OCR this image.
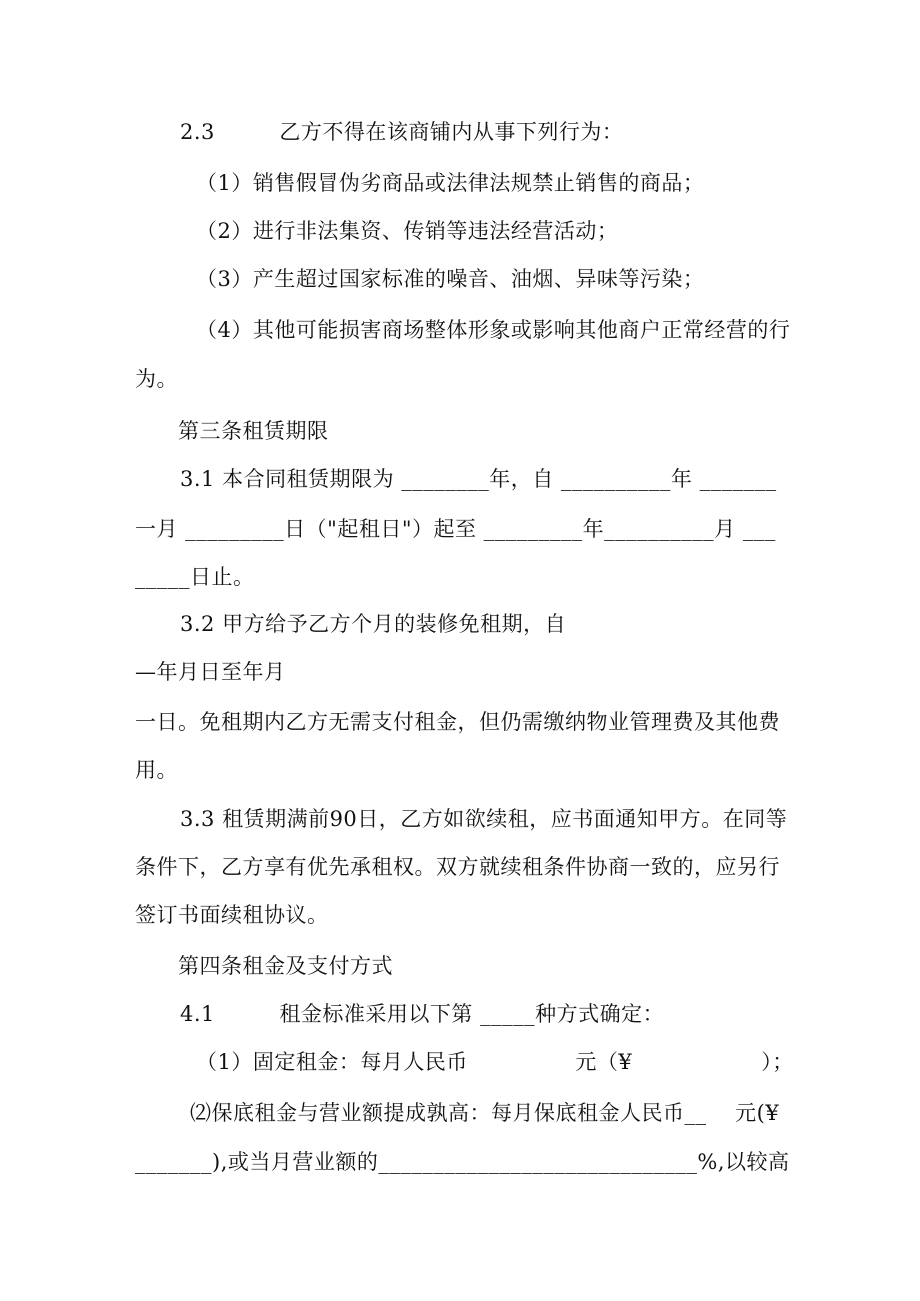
2.3　　　乙方不得在该商铺内从事下列行为：
（1）销售假冒伪劣商品或法律法规禁止销售的商品；
（2）进行非法集资、传销等违法经营活动；
（3）产生超过国家标准的噪音、油烟、异味等污染；
（4）其他可能损害商场整体形象或影响其他商户正常经营的行
为。
第三条租赁期限
3.1 本合同租赁期限为 ________年，自 __________年 _______
一月 _________日（"起租日"）起至 _________年__________月 ___
_____日止。
3.2 甲方给予乙方个月的装修免租期，自
—年月日至年月
一日。免租期内乙方无需支付租金，但仍需缴纳物业管理费及其他费
用。
3.3 租赁期满前90日，乙方如欲续租，应书面通知甲方。在同等
条件下，乙方享有优先承租权。双方就续租条件协商一致的，应另行
签订书面续租协议。
第四条租金及支付方式
4.1　　　租金标准采用以下第 _____种方式确定：
（1）固定租金：每月人民币　　　　　元（¥　　　　　　）；
⑵保底租金与营业额提成孰高：每月保底租金人民币__　 元(¥
_______),或当月营业额的_____________________________%,以较高
